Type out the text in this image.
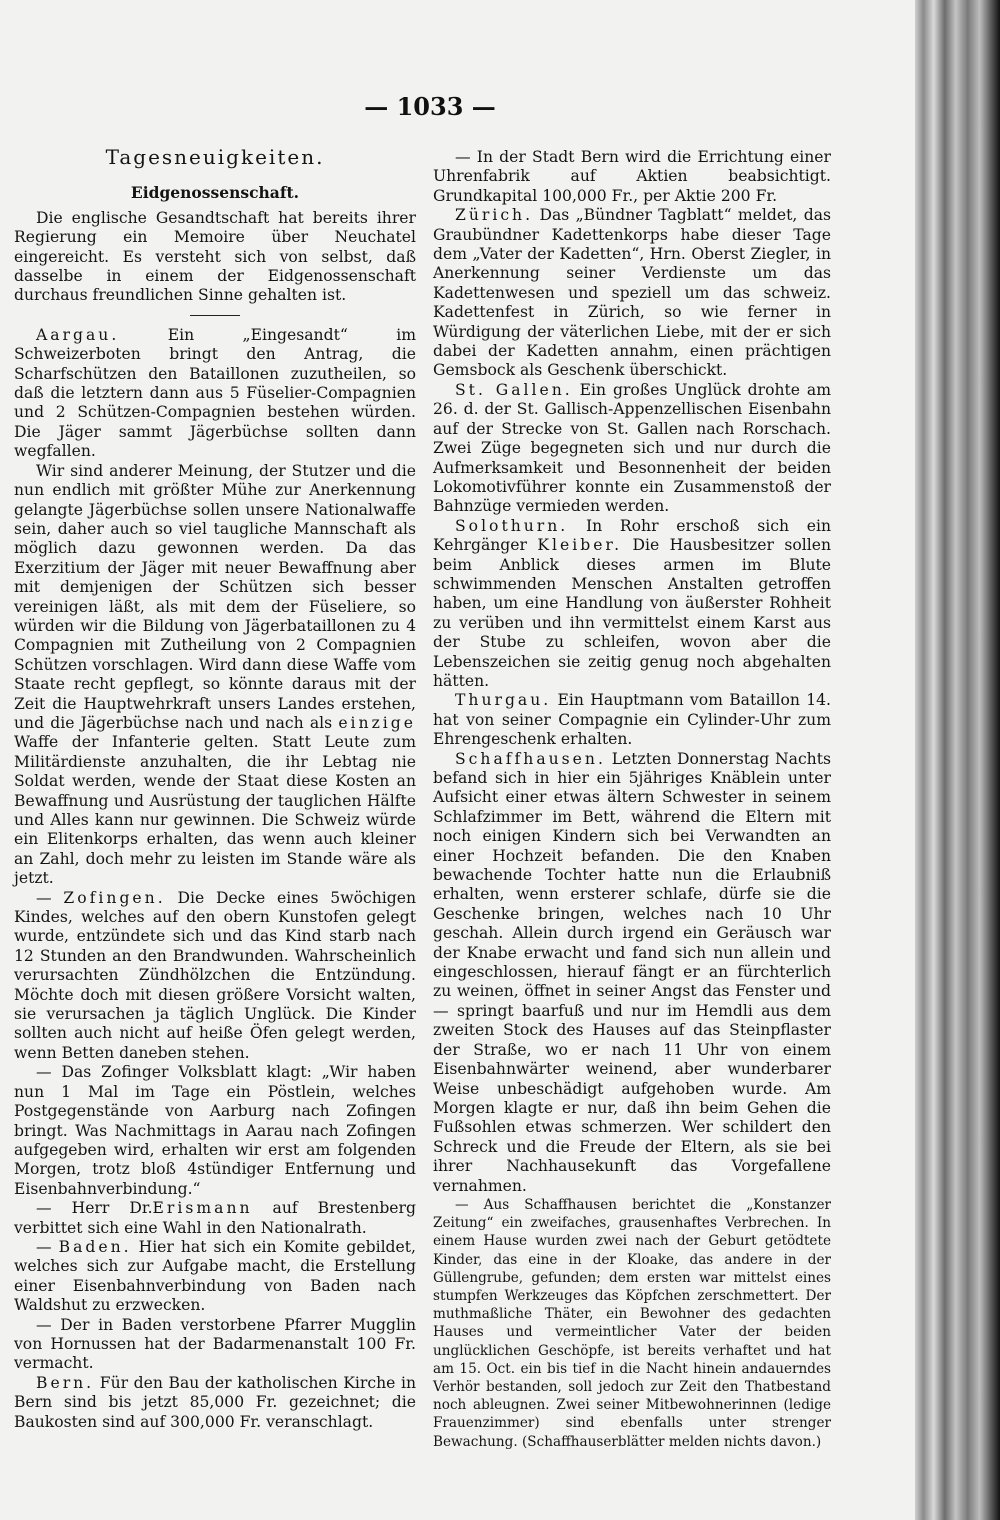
— 1033 —
Tagesneuigkeiten.
Eidgenossenschaft.

Die englische Gesandtschaft hat bereits ihrer Regierung ein Memoire über Neuchatel eingereicht. Es versteht sich von selbst, daß dasselbe in einem der Eidgenossenschaft durchaus freundlichen Sinne gehalten ist.

Aargau.	Ein „Eingesandt“ im Schweizerboten bringt den Antrag, die Scharfschützen den Bataillonen zuzutheilen, so daß die letztern dann aus 5 Füselier-Compagnien und 2 Schützen-Compagnien bestehen würden. Die Jäger sammt Jägerbüchse sollten dann wegfallen.

Wir sind anderer Meinung, der Stutzer und die nun endlich mit größter Mühe zur Anerkennung gelangte Jägerbüchse sollen unsere Nationalwaffe sein, daher auch so viel taugliche Mannschaft als möglich dazu gewonnen werden. Da das Exerzitium der Jäger mit neuer Bewaffnung aber mit demjenigen der Schützen sich besser vereinigen läßt, als mit dem der Füseliere, so würden wir die Bildung von Jägerbataillonen zu 4 Compagnien mit Zutheilung von 2 Compagnien Schützen vorschlagen. Wird dann diese Waffe vom Staate recht gepflegt, so könnte daraus mit der Zeit die Hauptwehrkraft unsers Landes erstehen, und die Jägerbüchse nach und nach als einzige Waffe der Infanterie gelten. Statt Leute zum Militärdienste anzuhalten, die ihr Lebtag nie Soldat werden, wende der Staat diese Kosten an Bewaffnung und Ausrüstung der tauglichen Hälfte und Alles kann nur gewinnen. Die Schweiz würde ein Elitenkorps erhalten, das wenn auch kleiner an Zahl, doch mehr zu leisten im Stande wäre als jetzt.

— Zofingen. Die Decke eines 5wöchigen Kindes, welches auf den obern Kunstofen gelegt wurde, entzündete sich und das Kind starb nach 12 Stunden an den Brandwunden. Wahrscheinlich verursachten Zündhölzchen die Entzündung. Möchte doch mit diesen größere Vorsicht walten, sie verursachen ja täglich Unglück. Die Kinder sollten auch nicht auf heiße Öfen gelegt werden, wenn Betten daneben stehen.

— Das Zofinger Volksblatt klagt: „Wir haben nun 1 Mal im Tage ein Pöstlein, welches Postgegenstände von Aarburg nach Zofingen bringt. Was Nachmittags in Aarau nach Zofingen aufgegeben wird, erhalten wir erst am folgenden Morgen, trotz bloß 4stündiger Entfernung und Eisenbahnverbindung.“

— Herr Dr.Erismann auf Brestenberg verbittet sich eine Wahl in den Nationalrath.

— Baden. Hier hat sich ein Komite gebildet, welches sich zur Aufgabe macht, die Erstellung einer Eisenbahnverbindung von Baden nach Waldshut zu erzwecken.

— Der in Baden verstorbene Pfarrer Mugglin von Hornussen hat der Badarmenanstalt 100 Fr. vermacht.

Bern. Für den Bau der katholischen Kirche in Bern sind bis jetzt 85,000 Fr. gezeichnet; die Baukosten sind auf 300,000 Fr. veranschlagt.

— In der Stadt Bern wird die Errichtung einer Uhrenfabrik auf Aktien beabsichtigt. Grundkapital 100,000 Fr., per Aktie 200 Fr.

Zürich. Das „Bündner Tagblatt“ meldet, das Graubündner Kadettenkorps habe dieser Tage dem „Vater der Kadetten“, Hrn. Oberst Ziegler, in Anerkennung seiner Verdienste um das Kadettenwesen und speziell um das schweiz. Kadettenfest in Zürich, so wie ferner in Würdigung der väterlichen Liebe, mit der er sich dabei der Kadetten annahm, einen prächtigen Gemsbock als Geschenk überschickt.

St. Gallen. Ein großes Unglück drohte am 26. d. der St. Gallisch-Appenzellischen Eisenbahn auf der Strecke von St. Gallen nach Rorschach. Zwei Züge begegneten sich und nur durch die Aufmerksamkeit und Besonnenheit der beiden Lokomotivführer konnte ein Zusammenstoß der Bahnzüge vermieden werden.

Solothurn. In Rohr erschoß sich ein Kehrgänger Kleiber. Die Hausbesitzer sollen beim Anblick dieses armen im Blute schwimmenden Menschen Anstalten getroffen haben, um eine Handlung von äußerster Rohheit zu verüben und ihn vermittelst einem Karst aus der Stube zu schleifen, wovon aber die Lebenszeichen sie zeitig genug noch abgehalten hätten.

Thurgau. Ein Hauptmann vom Bataillon 14. hat von seiner Compagnie ein Cylinder-Uhr zum Ehrengeschenk erhalten.

Schaffhausen. Letzten Donnerstag Nachts befand sich in hier ein 5jähriges Knäblein unter Aufsicht einer etwas ältern Schwester in seinem Schlafzimmer im Bett, während die Eltern mit noch einigen Kindern sich bei Verwandten an einer Hochzeit befanden. Die den Knaben bewachende Tochter hatte nun die Erlaubniß erhalten, wenn ersterer schlafe, dürfe sie die Geschenke bringen, welches nach 10 Uhr geschah. Allein durch irgend ein Geräusch war der Knabe erwacht und fand sich nun allein und eingeschlossen, hierauf fängt er an fürchterlich zu weinen, öffnet in seiner Angst das Fenster und — springt baarfuß und nur im Hemdli aus dem zweiten Stock des Hauses auf das Steinpflaster der Straße, wo er nach 11 Uhr von einem Eisenbahnwärter weinend, aber wunderbarer Weise unbeschädigt aufgehoben wurde. Am Morgen klagte er nur, daß ihn beim Gehen die Fußsohlen etwas schmerzen. Wer schildert den Schreck und die Freude der Eltern, als sie bei ihrer Nachhausekunft das Vorgefallene vernahmen.

— Aus Schaffhausen berichtet die „Konstanzer Zeitung“ ein zweifaches, grausenhaftes Verbrechen. In einem Hause wurden zwei nach der Geburt getödtete Kinder, das eine in der Kloake, das andere in der Güllengrube, gefunden; dem ersten war mittelst eines stumpfen Werkzeuges das Köpfchen zerschmettert. Der muthmaßliche Thäter, ein Bewohner des gedachten Hauses und vermeintlicher Vater der beiden unglücklichen Geschöpfe, ist bereits verhaftet und hat am 15. Oct. ein bis tief in die Nacht hinein andauerndes Verhör bestanden, soll jedoch zur Zeit den Thatbestand noch ableugnen. Zwei seiner Mitbewohnerinnen (ledige Frauenzimmer) sind ebenfalls unter strenger Bewachung. (Schaffhauserblätter melden nichts davon.)
